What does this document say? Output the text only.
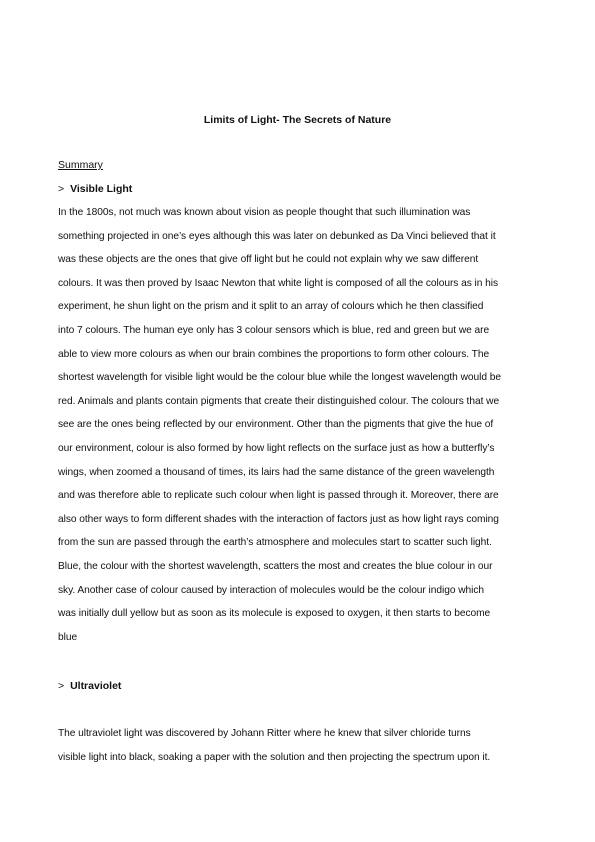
Limits of Light- The Secrets of Nature

Summary

> Visible Light

In the 1800s, not much was known about vision as people thought that such illumination was
something projected in one’s eyes although this was later on debunked as Da Vinci believed that it
was these objects are the ones that give off light but he could not explain why we saw different
colours. It was then proved by Isaac Newton that white light is composed of all the colours as in his
experiment, he shun light on the prism and it split to an array of colours which he then classified
into 7 colours. The human eye only has 3 colour sensors which is blue, red and green but we are
able to view more colours as when our brain combines the proportions to form other colours. The
shortest wavelength for visible light would be the colour blue while the longest wavelength would be
red. Animals and plants contain pigments that create their distinguished colour. The colours that we
see are the ones being reflected by our environment. Other than the pigments that give the hue of
our environment, colour is also formed by how light reflects on the surface just as how a butterfly’s
wings, when zoomed a thousand of times, its lairs had the same distance of the green wavelength
and was therefore able to replicate such colour when light is passed through it. Moreover, there are
also other ways to form different shades with the interaction of factors just as how light rays coming
from the sun are passed through the earth’s atmosphere and molecules start to scatter such light.
Blue, the colour with the shortest wavelength, scatters the most and creates the blue colour in our
sky. Another case of colour caused by interaction of molecules would be the colour indigo which
was initially dull yellow but as soon as its molecule is exposed to oxygen, it then starts to become
blue

> Ultraviolet

The ultraviolet light was discovered by Johann Ritter where he knew that silver chloride turns
visible light into black, soaking a paper with the solution and then projecting the spectrum upon it.
